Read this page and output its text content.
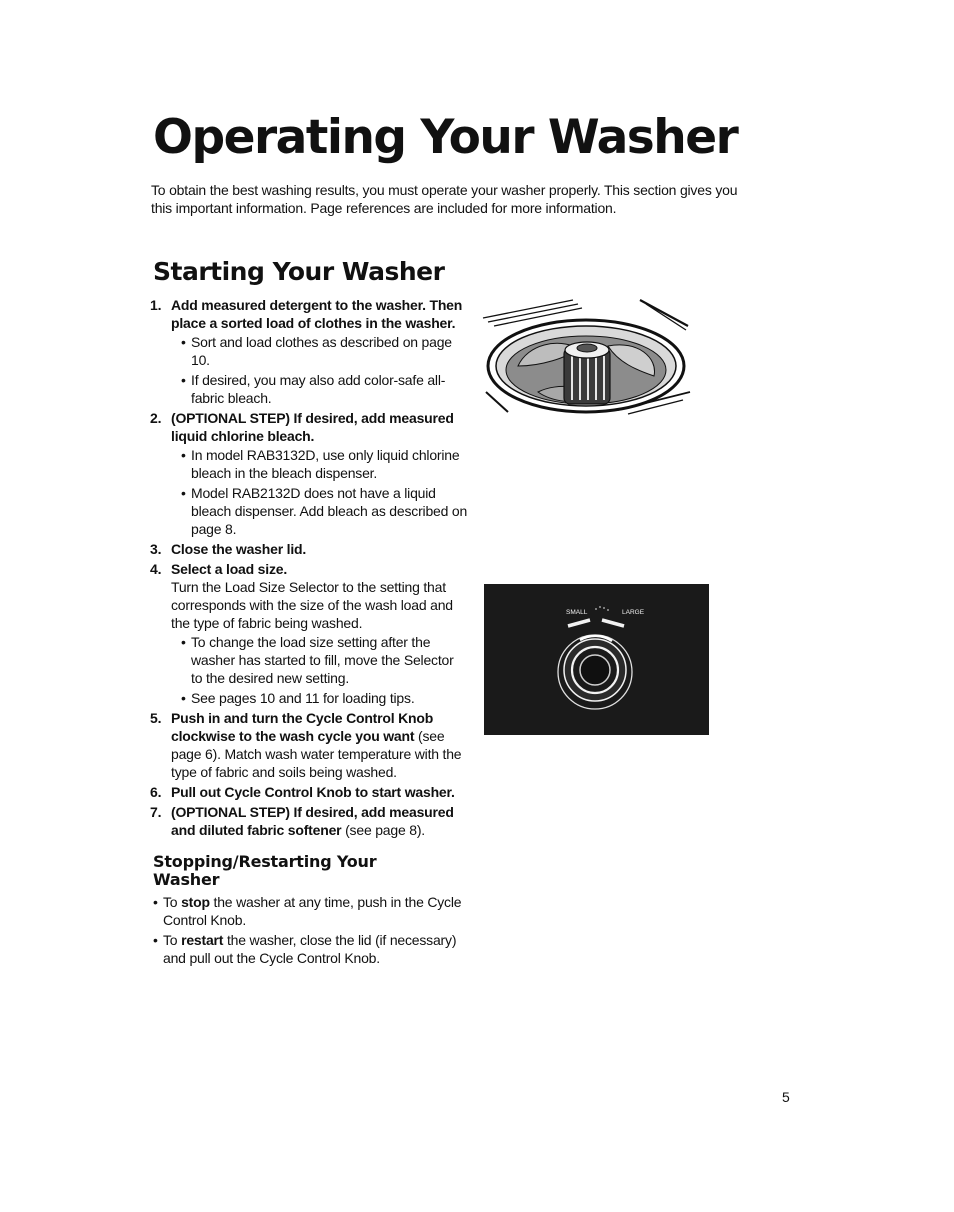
Operating Your Washer

To obtain the best washing results, you must operate your washer properly. This section gives you this important information. Page references are included for more information.

Starting Your Washer
1. Add measured detergent to the washer. Then place a sorted load of clothes in the washer.
• Sort and load clothes as described on page 10.
• If desired, you may also add color-safe all-fabric bleach.
2. (OPTIONAL STEP) If desired, add measured liquid chlorine bleach.
• In model RAB3132D, use only liquid chlorine bleach in the bleach dispenser.
• Model RAB2132D does not have a liquid bleach dispenser. Add bleach as described on page 8.
3. Close the washer lid.
4. Select a load size.
Turn the Load Size Selector to the setting that corresponds with the size of the wash load and the type of fabric being washed.
• To change the load size setting after the washer has started to fill, move the Selector to the desired new setting.
• See pages 10 and 11 for loading tips.
5. Push in and turn the Cycle Control Knob clockwise to the wash cycle you want (see page 6). Match wash water temperature with the type of fabric and soils being washed.
6. Pull out Cycle Control Knob to start washer.
7. (OPTIONAL STEP) If desired, add measured and diluted fabric softener (see page 8).
Stopping/Restarting Your Washer
• To stop the washer at any time, push in the Cycle Control Knob.
• To restart the washer, close the lid (if necessary) and pull out the Cycle Control Knob.
SMALL	LARGE
5
